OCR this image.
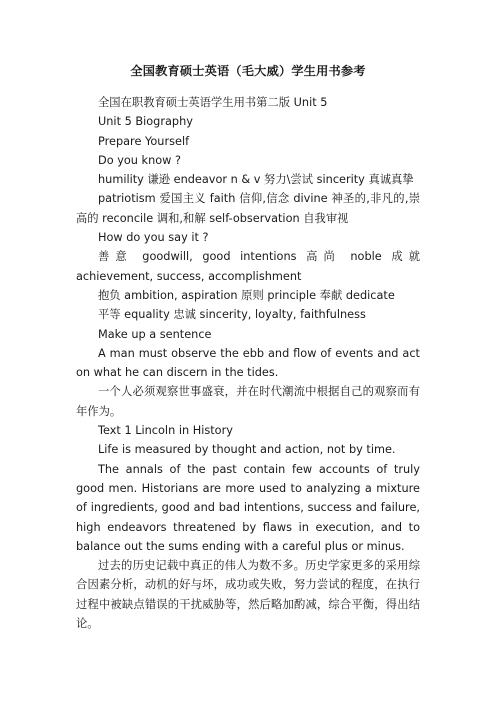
全国教育硕士英语（毛大威）学生用书参考

全国在职教育硕士英语学生用书第二版 Unit 5

Unit 5 Biography

Prepare Yourself

Do you know ?

humility 谦逊 endeavor n & v 努力\尝试 sincerity 真诚真挚

patriotism 爱国主义 faith 信仰,信念 divine 神圣的,非凡的,崇高的 reconcile 调和,和解 self-observation 自我审视

How do you say it ?

善意 goodwill, good intentions 高尚 noble 成就 achievement, success, accomplishment

抱负 ambition, aspiration 原则 principle 奉献 dedicate

平等 equality 忠诚 sincerity, loyalty, faithfulness

Make up a sentence

A man must observe the ebb and flow of events and act on what he can discern in the tides.

一个人必须观察世事盛衰，并在时代潮流中根据自己的观察而有年作为。

Text 1 Lincoln in History

Life is measured by thought and action, not by time.

The annals of the past contain few accounts of truly good men. Historians are more used to analyzing a mixture of ingredients, good and bad intentions, success and failure, high endeavors threatened by flaws in execution, and to balance out the sums ending with a careful plus or minus.

过去的历史记载中真正的伟人为数不多。历史学家更多的采用综合因素分析，动机的好与坏，成功或失败，努力尝试的程度，在执行过程中被缺点错误的干扰威胁等，然后略加酌减，综合平衡，得出结论。
